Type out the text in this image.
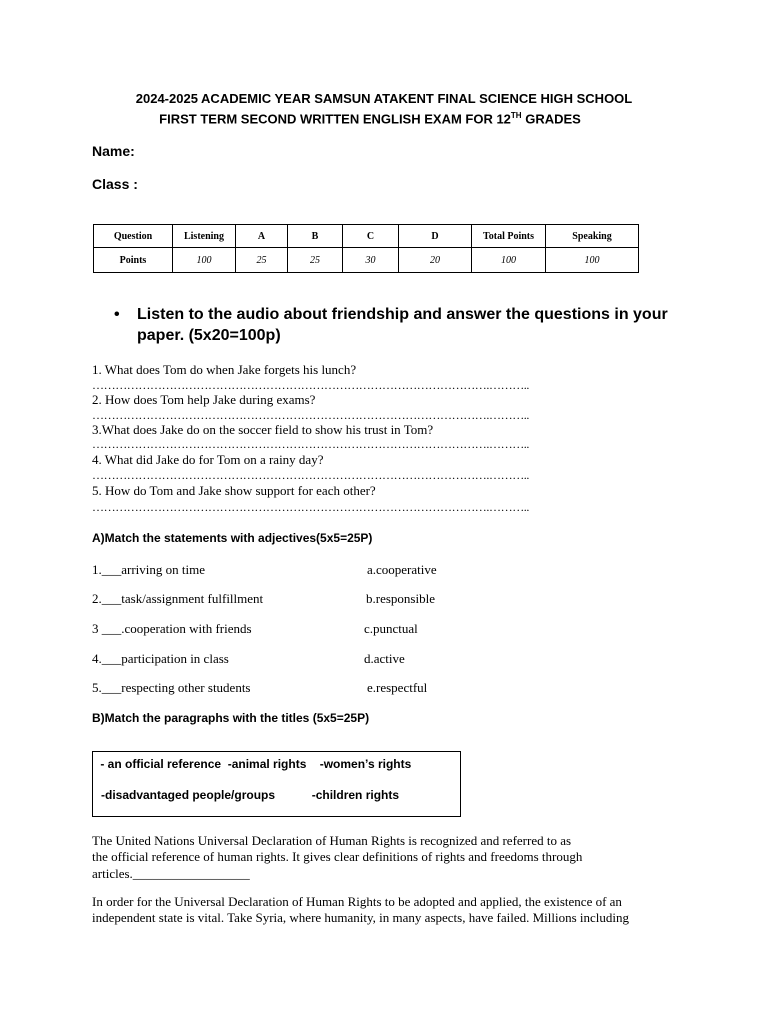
2024-2025 ACADEMIC YEAR SAMSUN ATAKENT FINAL SCIENCE HIGH SCHOOL
FIRST TERM SECOND WRITTEN ENGLISH EXAM FOR 12TH GRADES
Name:
Class :
Question	Listening	A	B	C	D	Total Points	Speaking
Points	100	25	25	30	20	100	100
• Listen to the audio about friendship and answer the questions in your paper. (5x20=100p)
1. What does Tom do when Jake forgets his lunch?
………………………………………………………………………………………….………..
2. How does Tom help Jake during exams?
………………………………………………………………………………………….………..
3.What does Jake do on the soccer field to show his trust in Tom?
………………………………………………………………………………………….………..
4. What did Jake do for Tom on a rainy day?
………………………………………………………………………………………….………..
5. How do Tom and Jake show support for each other?
………………………………………………………………………………………….………..
A)Match the statements with adjectives(5x5=25P)
1.___arriving on time	a.cooperative
2.___task/assignment fulfillment	b.responsible
3 ___.cooperation with friends	c.punctual
4.___participation in class	d.active
5.___respecting other students	e.respectful
B)Match the paragraphs with the titles (5x5=25P)
- an official reference  -animal rights    -women’s rights
-disadvantaged people/groups           -children rights
The United Nations Universal Declaration of Human Rights is recognized and referred to as
the official reference of human rights. It gives clear definitions of rights and freedoms through
articles.__________________
In order for the Universal Declaration of Human Rights to be adopted and applied, the existence of an
independent state is vital. Take Syria, where humanity, in many aspects, have failed. Millions including
